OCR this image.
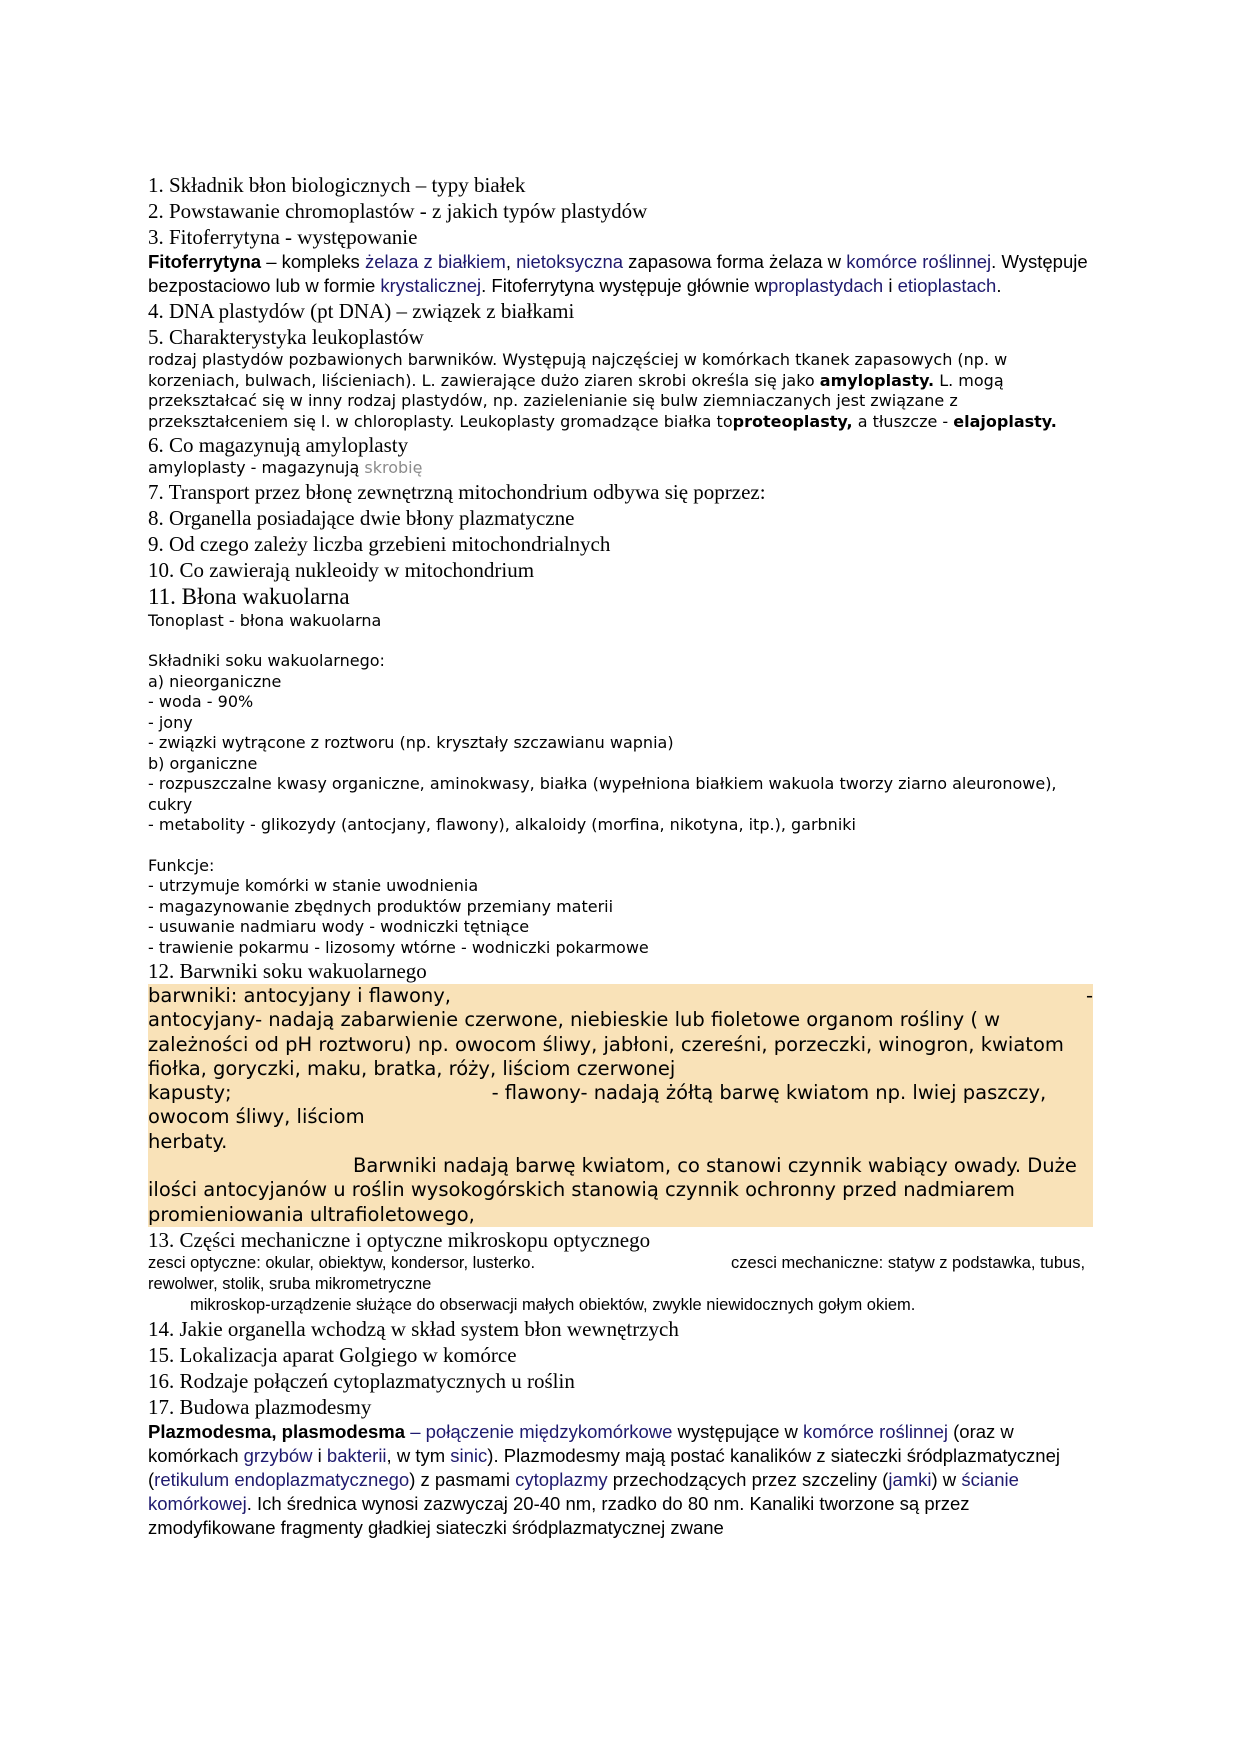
1. Składnik błon biologicznych – typy białek
2. Powstawanie chromoplastów - z jakich typów plastydów
3. Fitoferrytyna - występowanie

Fitoferrytyna – kompleks żelaza z białkiem, nietoksyczna zapasowa forma żelaza w komórce roślinnej. Występuje bezpostaciowo lub w formie krystalicznej. Fitoferrytyna występuje głównie wproplastydach i etioplastach.

4. DNA plastydów (pt DNA) – związek z białkami
5. Charakterystyka leukoplastów

rodzaj plastydów pozbawionych barwników. Występują najczęściej w komórkach tkanek zapasowych (np. w korzeniach, bulwach, liścieniach). L. zawierające dużo ziaren skrobi określa się jako amyloplasty. L. mogą przekształcać się w inny rodzaj plastydów, np. zazielenianie się bulw ziemniaczanych jest związane z przekształceniem się l. w chloroplasty. Leukoplasty gromadzące białka toproteoplasty, a tłuszcze - elajoplasty.

6. Co magazynują amyloplasty
amyloplasty - magazynują skrobię
7. Transport przez błonę zewnętrzną mitochondrium odbywa się poprzez:
8. Organella posiadające dwie błony plazmatyczne
9. Od czego zależy liczba grzebieni mitochondrialnych
10. Co zawierają nukleoidy w mitochondrium
11. Błona wakuolarna
Tonoplast - błona wakuolarna
Składniki soku wakuolarnego:
a) nieorganiczne
- woda - 90%
- jony
- związki wytrącone z roztworu (np. kryształy szczawianu wapnia)
b) organiczne
- rozpuszczalne kwasy organiczne, aminokwasy, białka (wypełniona białkiem wakuola tworzy ziarno aleuronowe), cukry
- metabolity - glikozydy (antocjany, flawony), alkaloidy (morfina, nikotyna, itp.), garbniki
Funkcje:
- utrzymuje komórki w stanie uwodnienia
- magazynowanie zbędnych produktów przemiany materii
- usuwanie nadmiaru wody - wodniczki tętniące
- trawienie pokarmu - lizosomy wtórne - wodniczki pokarmowe
12. Barwniki soku wakuolarnego

barwniki: antocyjany i flawony,	-

antocyjany- nadają zabarwienie czerwone, niebieskie lub fioletowe organom rośliny ( w zależności od pH roztworu) np. owocom śliwy, jabłoni, czereśni, porzeczki, winogron, kwiatom fiołka, goryczki, maku, bratka, róży, liściom czerwonej

kapusty;	- flawony- nadają żółtą barwę kwiatom np. lwiej paszczy, owocom śliwy, liściom

herbaty.

Barwniki nadają barwę kwiatom, co stanowi czynnik wabiący owady. Duże ilości antocyjanów u roślin wysokogórskich stanowią czynnik ochronny przed nadmiarem promieniowania ultrafioletowego,

13. Części mechaniczne i optyczne mikroskopu optycznego

zesci optyczne: okular, obiektyw, kondersor, lusterko.	czesci mechaniczne: statyw z podstawka, tubus, rewolwer, stolik, sruba mikrometryczne

mikroskop-urządzenie służące do obserwacji małych obiektów, zwykle niewidocznych gołym okiem.

14. Jakie organella wchodzą w skład system błon wewnętrzych
15. Lokalizacja aparat Golgiego w komórce
16. Rodzaje połączeń cytoplazmatycznych u roślin
17. Budowa plazmodesmy

Plazmodesma, plasmodesma – połączenie międzykomórkowe występujące w komórce roślinnej (oraz w komórkach grzybów i bakterii, w tym sinic). Plazmodesmy mają postać kanalików z siateczki śródplazmatycznej (retikulum endoplazmatycznego) z pasmami cytoplazmy przechodzących przez szczeliny (jamki) w ścianie komórkowej. Ich średnica wynosi zazwyczaj 20-40 nm, rzadko do 80 nm. Kanaliki tworzone są przez zmodyfikowane fragmenty gładkiej siateczki śródplazmatycznej zwane
